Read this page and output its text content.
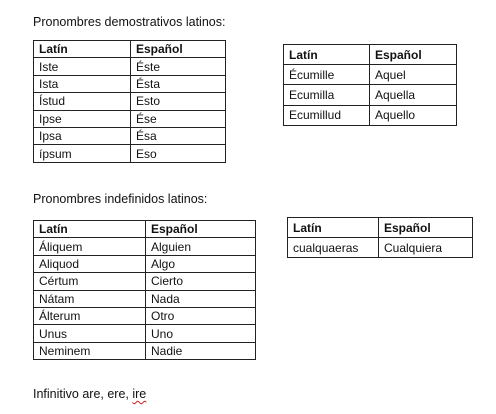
Pronombres demostrativos latinos:
Latín	Español
Iste	Éste
Ista	Ésta
Ístud	Esto
Ipse	Ése
Ipsa	Ésa
ípsum	Eso
Latín	Español
Écumille	Aquel
Ecumilla	Aquella
Ecumillud	Aquello
Pronombres indefinidos latinos:
Latín	Español
Áliquem	Alguien
Aliquod	Algo
Cértum	Cierto
Nátam	Nada
Álterum	Otro
Unus	Uno
Neminem	Nadie
Latín	Español
cualquaeras	Cualquiera
Infinitivo are, ere, ire
